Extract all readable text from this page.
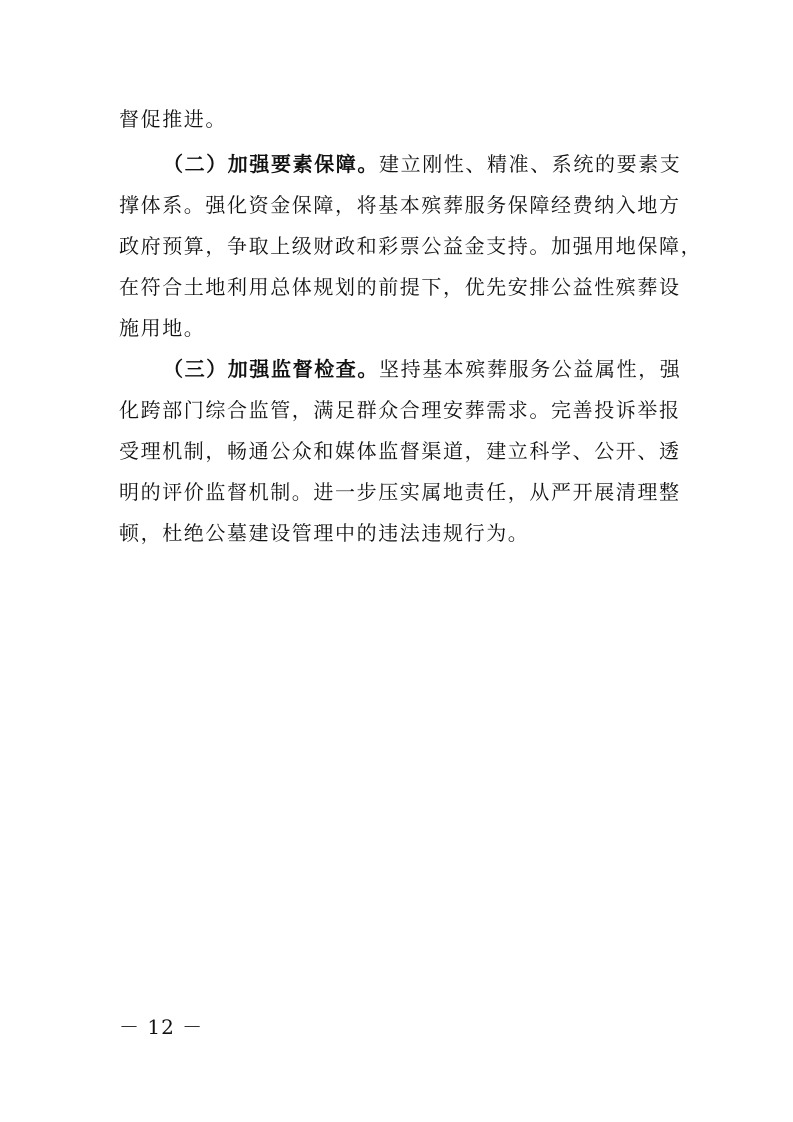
督促推进。
（二）加强要素保障。建立刚性、精准、系统的要素支
撑体系。强化资金保障，将基本殡葬服务保障经费纳入地方
政府预算，争取上级财政和彩票公益金支持。加强用地保障，
在符合土地利用总体规划的前提下，优先安排公益性殡葬设
施用地。
（三）加强监督检查。坚持基本殡葬服务公益属性，强
化跨部门综合监管，满足群众合理安葬需求。完善投诉举报
受理机制，畅通公众和媒体监督渠道，建立科学、公开、透
明的评价监督机制。进一步压实属地责任，从严开展清理整
顿，杜绝公墓建设管理中的违法违规行为。
－ 12 －
